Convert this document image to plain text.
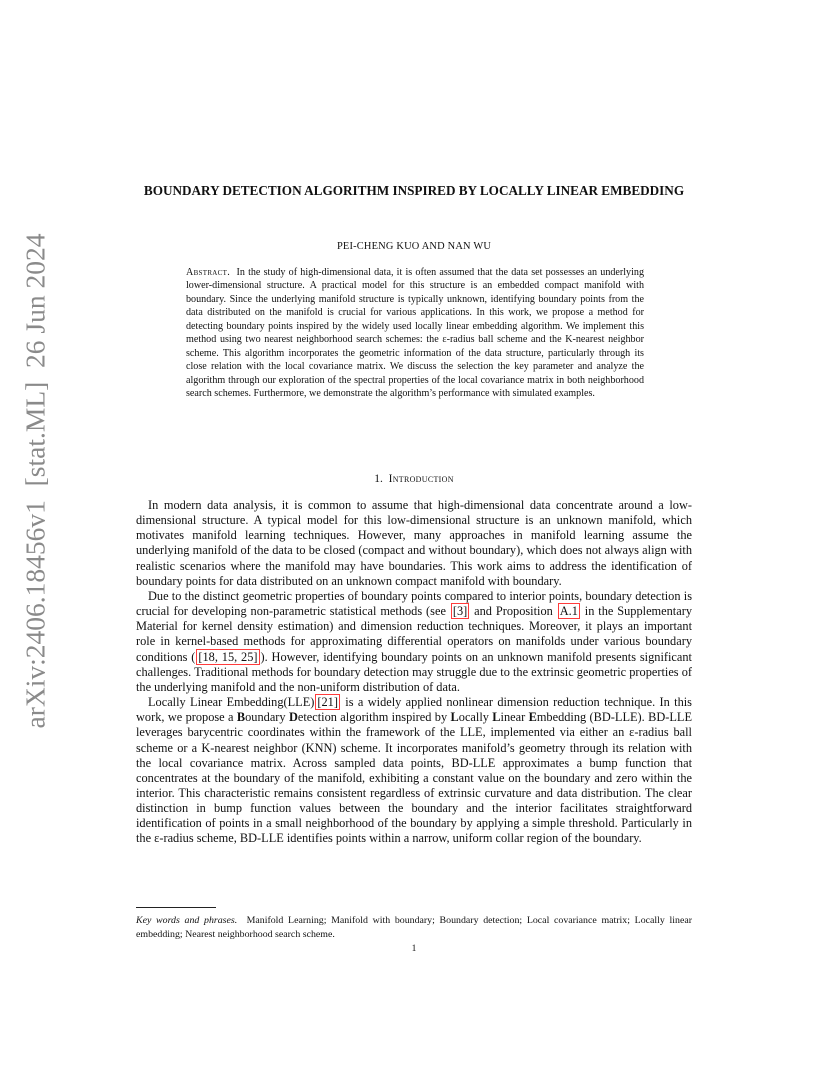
arXiv:2406.18456v1  [stat.ML]  26 Jun 2024
BOUNDARY DETECTION ALGORITHM INSPIRED BY LOCALLY LINEAR EMBEDDING
PEI-CHENG KUO AND NAN WU
Abstract. In the study of high-dimensional data, it is often assumed that the data set possesses an underlying lower-dimensional structure. A practical model for this structure is an embedded compact manifold with boundary. Since the underlying manifold structure is typically unknown, identifying boundary points from the data distributed on the manifold is crucial for various applications. In this work, we propose a method for detecting boundary points inspired by the widely used locally linear embedding algorithm. We implement this method using two nearest neighborhood search schemes: the ε-radius ball scheme and the K-nearest neighbor scheme. This algorithm incorporates the geometric information of the data structure, particularly through its close relation with the local covariance matrix. We discuss the selection the key parameter and analyze the algorithm through our exploration of the spectral properties of the local covariance matrix in both neighborhood search schemes. Furthermore, we demonstrate the algorithm’s performance with simulated examples.
1. Introduction

In modern data analysis, it is common to assume that high-dimensional data concentrate around a low-dimensional structure. A typical model for this low-dimensional structure is an unknown manifold, which motivates manifold learning techniques. However, many approaches in manifold learning assume the underlying manifold of the data to be closed (compact and without boundary), which does not always align with realistic scenarios where the manifold may have boundaries. This work aims to address the identification of boundary points for data distributed on an unknown compact manifold with boundary.

Due to the distinct geometric properties of boundary points compared to interior points, boundary detection is crucial for developing non-parametric statistical methods (see [3] and Proposition A.1 in the Supplementary Material for kernel density estimation) and dimension reduction techniques. Moreover, it plays an important role in kernel-based methods for approximating differential operators on manifolds under various boundary conditions ( [18, 15, 25] ). However, identifying boundary points on an unknown manifold presents significant challenges. Traditional methods for boundary detection may struggle due to the extrinsic geometric properties of the underlying manifold and the non-uniform distribution of data.

Locally Linear Embedding(LLE) [21] is a widely applied nonlinear dimension reduction technique. In this work, we propose a Boundary Detection algorithm inspired by Locally Linear Embedding (BD-LLE). BD-LLE leverages barycentric coordinates within the framework of the LLE, implemented via either an ε-radius ball scheme or a K-nearest neighbor (KNN) scheme. It incorporates manifold’s geometry through its relation with the local covariance matrix. Across sampled data points, BD-LLE approximates a bump function that concentrates at the boundary of the manifold, exhibiting a constant value on the boundary and zero within the interior. This characteristic remains consistent regardless of extrinsic curvature and data distribution. The clear distinction in bump function values between the boundary and the interior facilitates straightforward identification of points in a small neighborhood of the boundary by applying a simple threshold. Particularly in the ε-radius scheme, BD-LLE identifies points within a narrow, uniform collar region of the boundary.

Key words and phrases. Manifold Learning; Manifold with boundary; Boundary detection; Local covariance matrix; Locally linear embedding; Nearest neighborhood search scheme.
1
